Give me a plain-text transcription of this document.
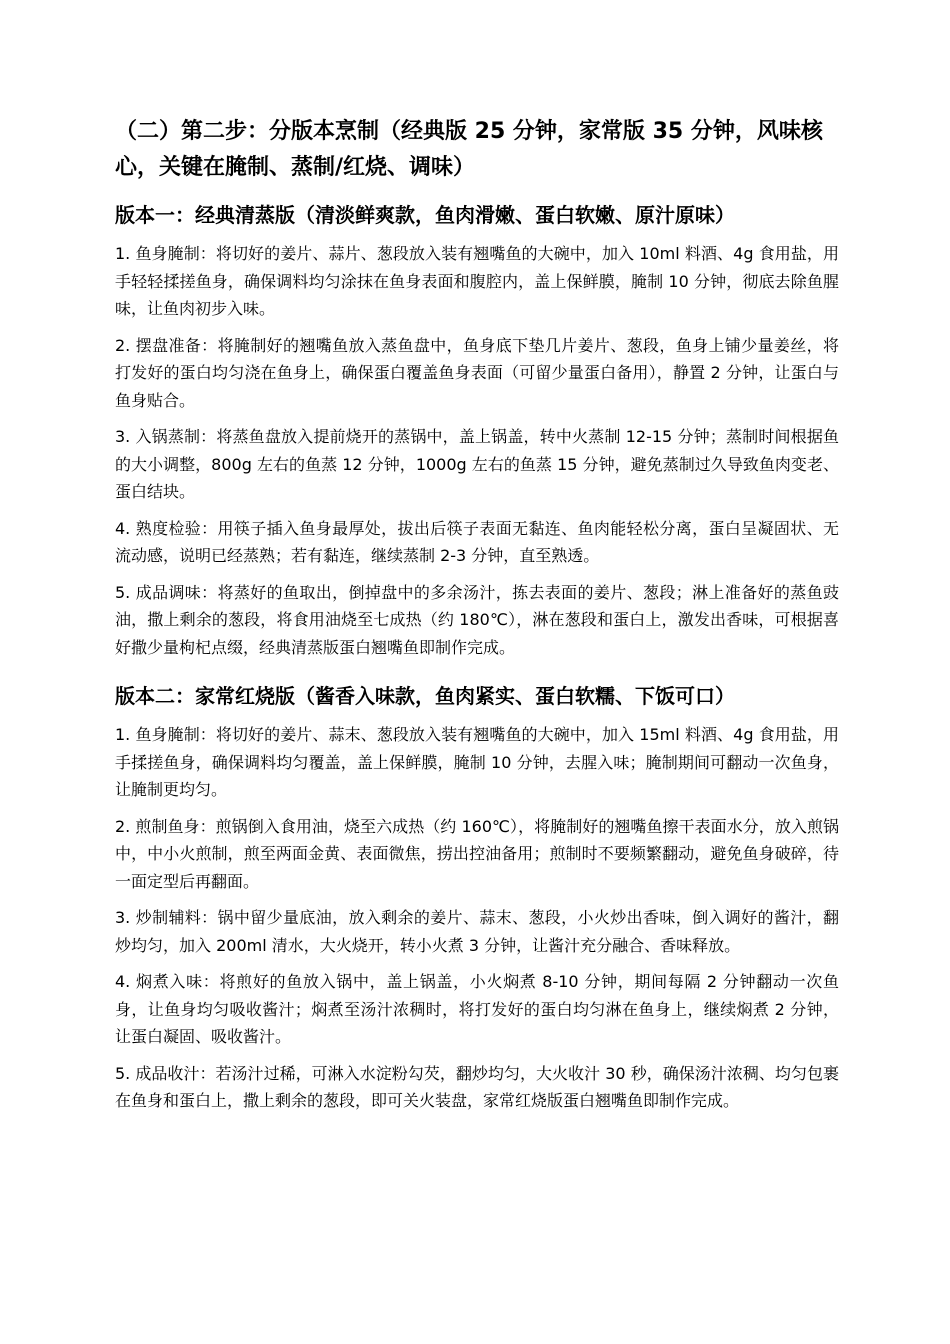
（二）第二步：分版本烹制（经典版 25 分钟，家常版 35 分钟，风味核心，关键在腌制、蒸制/红烧、调味）
版本一：经典清蒸版（清淡鲜爽款，鱼肉滑嫩、蛋白软嫩、原汁原味）

1. 鱼身腌制：将切好的姜片、蒜片、葱段放入装有翘嘴鱼的大碗中，加入 10ml 料酒、4g 食用盐，用手轻轻揉搓鱼身，确保调料均匀涂抹在鱼身表面和腹腔内，盖上保鲜膜，腌制 10 分钟，彻底去除鱼腥味，让鱼肉初步入味。

2. 摆盘准备：将腌制好的翘嘴鱼放入蒸鱼盘中，鱼身底下垫几片姜片、葱段，鱼身上铺少量姜丝，将打发好的蛋白均匀浇在鱼身上，确保蛋白覆盖鱼身表面（可留少量蛋白备用），静置 2 分钟，让蛋白与鱼身贴合。

3. 入锅蒸制：将蒸鱼盘放入提前烧开的蒸锅中，盖上锅盖，转中火蒸制 12-15 分钟；蒸制时间根据鱼的大小调整，800g 左右的鱼蒸 12 分钟，1000g 左右的鱼蒸 15 分钟，避免蒸制过久导致鱼肉变老、蛋白结块。

4. 熟度检验：用筷子插入鱼身最厚处，拔出后筷子表面无黏连、鱼肉能轻松分离，蛋白呈凝固状、无流动感，说明已经蒸熟；若有黏连，继续蒸制 2-3 分钟，直至熟透。

5. 成品调味：将蒸好的鱼取出，倒掉盘中的多余汤汁，拣去表面的姜片、葱段；淋上准备好的蒸鱼豉油，撒上剩余的葱段，将食用油烧至七成热（约 180℃），淋在葱段和蛋白上，激发出香味，可根据喜好撒少量枸杞点缀，经典清蒸版蛋白翘嘴鱼即制作完成。

版本二：家常红烧版（酱香入味款，鱼肉紧实、蛋白软糯、下饭可口）

1. 鱼身腌制：将切好的姜片、蒜末、葱段放入装有翘嘴鱼的大碗中，加入 15ml 料酒、4g 食用盐，用手揉搓鱼身，确保调料均匀覆盖，盖上保鲜膜，腌制 10 分钟，去腥入味；腌制期间可翻动一次鱼身，让腌制更均匀。

2. 煎制鱼身：煎锅倒入食用油，烧至六成热（约 160℃），将腌制好的翘嘴鱼擦干表面水分，放入煎锅中，中小火煎制，煎至两面金黄、表面微焦，捞出控油备用；煎制时不要频繁翻动，避免鱼身破碎，待一面定型后再翻面。

3. 炒制辅料：锅中留少量底油，放入剩余的姜片、蒜末、葱段，小火炒出香味，倒入调好的酱汁，翻炒均匀，加入 200ml 清水，大火烧开，转小火煮 3 分钟，让酱汁充分融合、香味释放。

4. 焖煮入味：将煎好的鱼放入锅中，盖上锅盖，小火焖煮 8-10 分钟，期间每隔 2 分钟翻动一次鱼身，让鱼身均匀吸收酱汁；焖煮至汤汁浓稠时，将打发好的蛋白均匀淋在鱼身上，继续焖煮 2 分钟，让蛋白凝固、吸收酱汁。

5. 成品收汁：若汤汁过稀，可淋入水淀粉勾芡，翻炒均匀，大火收汁 30 秒，确保汤汁浓稠、均匀包裹在鱼身和蛋白上，撒上剩余的葱段，即可关火装盘，家常红烧版蛋白翘嘴鱼即制作完成。
